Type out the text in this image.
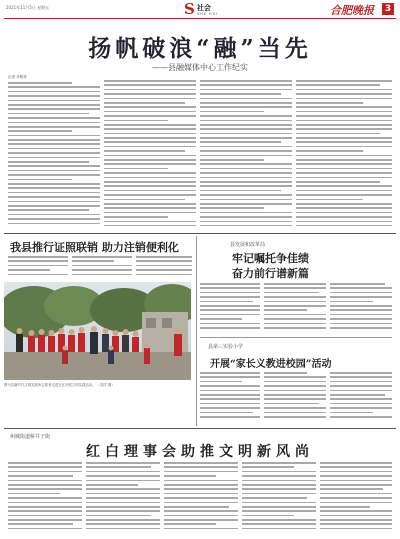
2021年11月5日 星期五	S 社会
SHE HUI	合肥晚报	3
扬帆破浪“融”当先
——县融媒体中心工作纪实
记者 尹路菲
我县推行证照联销 助力注销便利化
图为县新时代文明实践所志愿者走进社区开展文明实践活动。 （刘洋 摄）
县发展和改革局
牢记嘱托争佳绩
奋力前行谱新篇
县第三实验小学
开展“家长义教进校园”活动
州城街道桥井子街
红白理事会助推文明新风尚
